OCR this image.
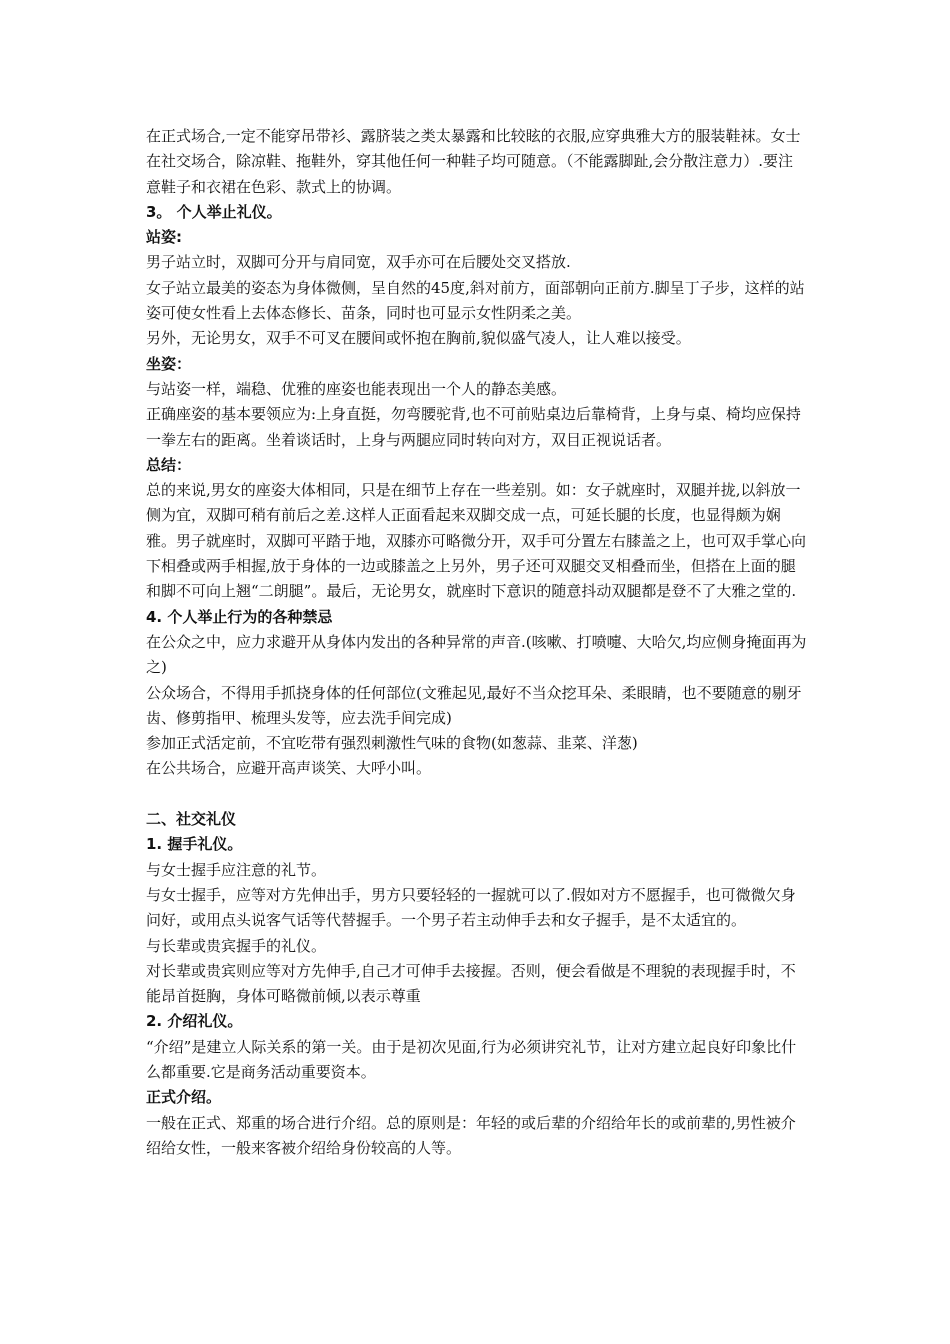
在正式场合,一定不能穿吊带衫、露脐装之类太暴露和比较眩的衣服,应穿典雅大方的服装鞋袜。女士在社交场合，除凉鞋、拖鞋外，穿其他任何一种鞋子均可随意。（不能露脚趾,会分散注意力）.要注意鞋子和衣裙在色彩、款式上的协调。

3。 个人举止礼仪。

站姿:

男子站立时，双脚可分开与肩同宽，双手亦可在后腰处交叉搭放.

女子站立最美的姿态为身体微侧，呈自然的45度,斜对前方，面部朝向正前方.脚呈丁子步，这样的站姿可使女性看上去体态修长、苗条，同时也可显示女性阴柔之美。

另外，无论男女，双手不可叉在腰间或怀抱在胸前,貌似盛气凌人，让人难以接受。

坐姿：

与站姿一样，端稳、优雅的座姿也能表现出一个人的静态美感。

正确座姿的基本要领应为:上身直挺，勿弯腰驼背,也不可前贴桌边后靠椅背，上身与桌、椅均应保持一拳左右的距离。坐着谈话时，上身与两腿应同时转向对方，双目正视说话者。

总结：

总的来说,男女的座姿大体相同，只是在细节上存在一些差别。如：女子就座时，双腿并拢,以斜放一侧为宜，双脚可稍有前后之差.这样人正面看起来双脚交成一点，可延长腿的长度，也显得颇为娴雅。男子就座时，双脚可平踏于地，双膝亦可略微分开，双手可分置左右膝盖之上，也可双手掌心向下相叠或两手相握,放于身体的一边或膝盖之上另外，男子还可双腿交叉相叠而坐，但搭在上面的腿和脚不可向上翘“二朗腿”。最后，无论男女，就座时下意识的随意抖动双腿都是登不了大雅之堂的.

4. 个人举止行为的各种禁忌

在公众之中，应力求避开从身体内发出的各种异常的声音.(咳嗽、打喷嚏、大哈欠,均应侧身掩面再为之)

公众场合，不得用手抓挠身体的任何部位(文雅起见,最好不当众挖耳朵、柔眼睛，也不要随意的剔牙齿、修剪指甲、梳理头发等，应去洗手间完成)

参加正式活定前，不宜吃带有强烈刺激性气味的食物(如葱蒜、韭菜、洋葱)

在公共场合，应避开高声谈笑、大呼小叫。

二、社交礼仪

1. 握手礼仪。

与女士握手应注意的礼节。

与女士握手，应等对方先伸出手，男方只要轻轻的一握就可以了.假如对方不愿握手，也可微微欠身问好，或用点头说客气话等代替握手。一个男子若主动伸手去和女子握手，是不太适宜的。

与长辈或贵宾握手的礼仪。

对长辈或贵宾则应等对方先伸手,自己才可伸手去接握。否则，便会看做是不理貌的表现握手时，不能昂首挺胸，身体可略微前倾,以表示尊重

2. 介绍礼仪。

“介绍”是建立人际关系的第一关。由于是初次见面,行为必须讲究礼节，让对方建立起良好印象比什么都重要.它是商务活动重要资本。

正式介绍。

一般在正式、郑重的场合进行介绍。总的原则是：年轻的或后辈的介绍给年长的或前辈的,男性被介绍给女性，一般来客被介绍给身份较高的人等。
